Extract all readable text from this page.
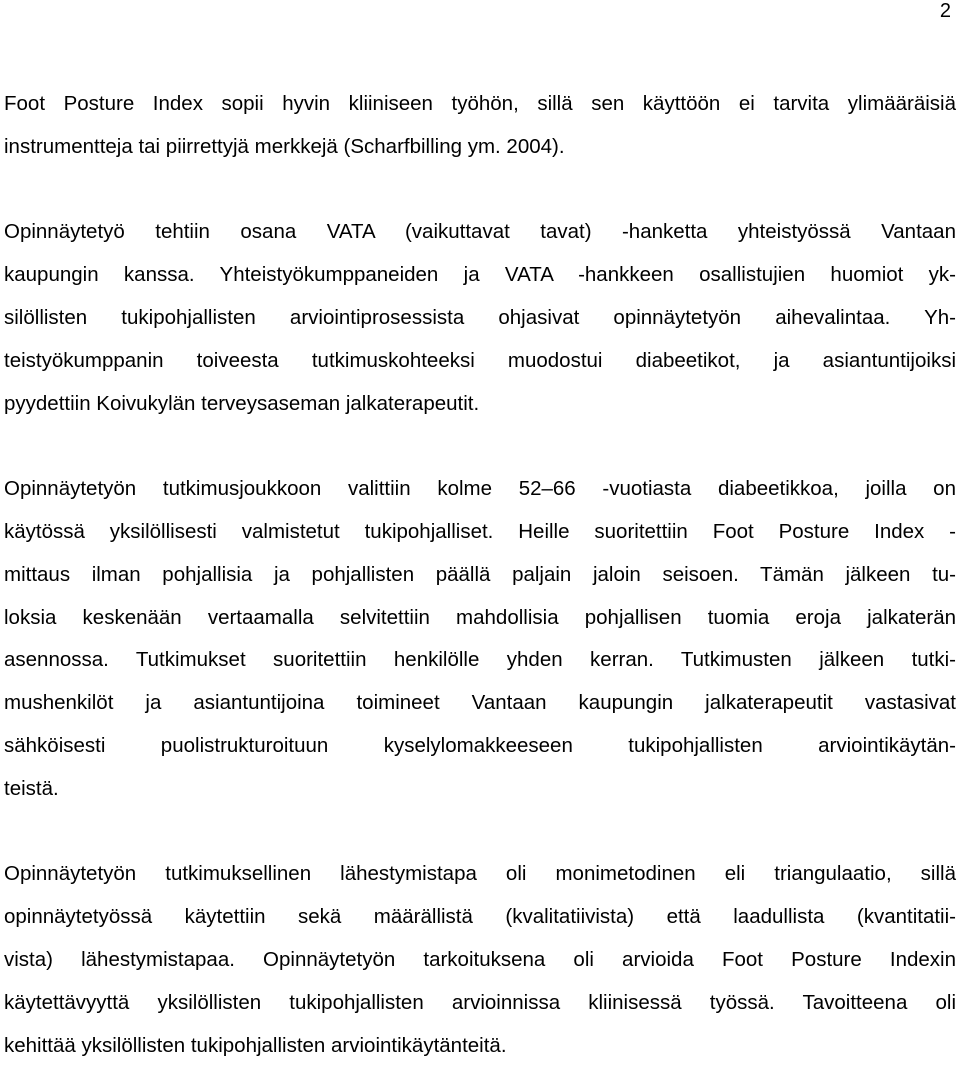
2
Foot Posture Index sopii hyvin kliiniseen työhön, sillä sen käyttöön ei tarvita ylimääräisiä
instrumentteja tai piirrettyjä merkkejä (Scharfbilling ym. 2004).
Opinnäytetyö tehtiin osana VATA (vaikuttavat tavat) -hanketta yhteistyössä Vantaan
kaupungin kanssa. Yhteistyökumppaneiden ja VATA -hankkeen osallistujien huomiot yk-
silöllisten tukipohjallisten arviointiprosessista ohjasivat opinnäytetyön aihevalintaa. Yh-
teistyökumppanin toiveesta tutkimuskohteeksi muodostui diabeetikot, ja asiantuntijoiksi
pyydettiin Koivukylän terveysaseman jalkaterapeutit.
Opinnäytetyön tutkimusjoukkoon valittiin kolme 52–66 -vuotiasta diabeetikkoa, joilla on
käytössä yksilöllisesti valmistetut tukipohjalliset. Heille suoritettiin Foot Posture Index -
mittaus ilman pohjallisia ja pohjallisten päällä paljain jaloin seisoen. Tämän jälkeen tu-
loksia keskenään vertaamalla selvitettiin mahdollisia pohjallisen tuomia eroja jalkaterän
asennossa. Tutkimukset suoritettiin henkilölle yhden kerran. Tutkimusten jälkeen tutki-
mushenkilöt ja asiantuntijoina toimineet Vantaan kaupungin jalkaterapeutit vastasivat
sähköisesti puolistrukturoituun kyselylomakkeeseen tukipohjallisten arviointikäytän-
teistä.
Opinnäytetyön tutkimuksellinen lähestymistapa oli monimetodinen eli triangulaatio, sillä
opinnäytetyössä käytettiin sekä määrällistä (kvalitatiivista) että laadullista (kvantitatii-
vista) lähestymistapaa. Opinnäytetyön tarkoituksena oli arvioida Foot Posture Indexin
käytettävyyttä yksilöllisten tukipohjallisten arvioinnissa kliinisessä työssä. Tavoitteena oli
kehittää yksilöllisten tukipohjallisten arviointikäytänteitä.
